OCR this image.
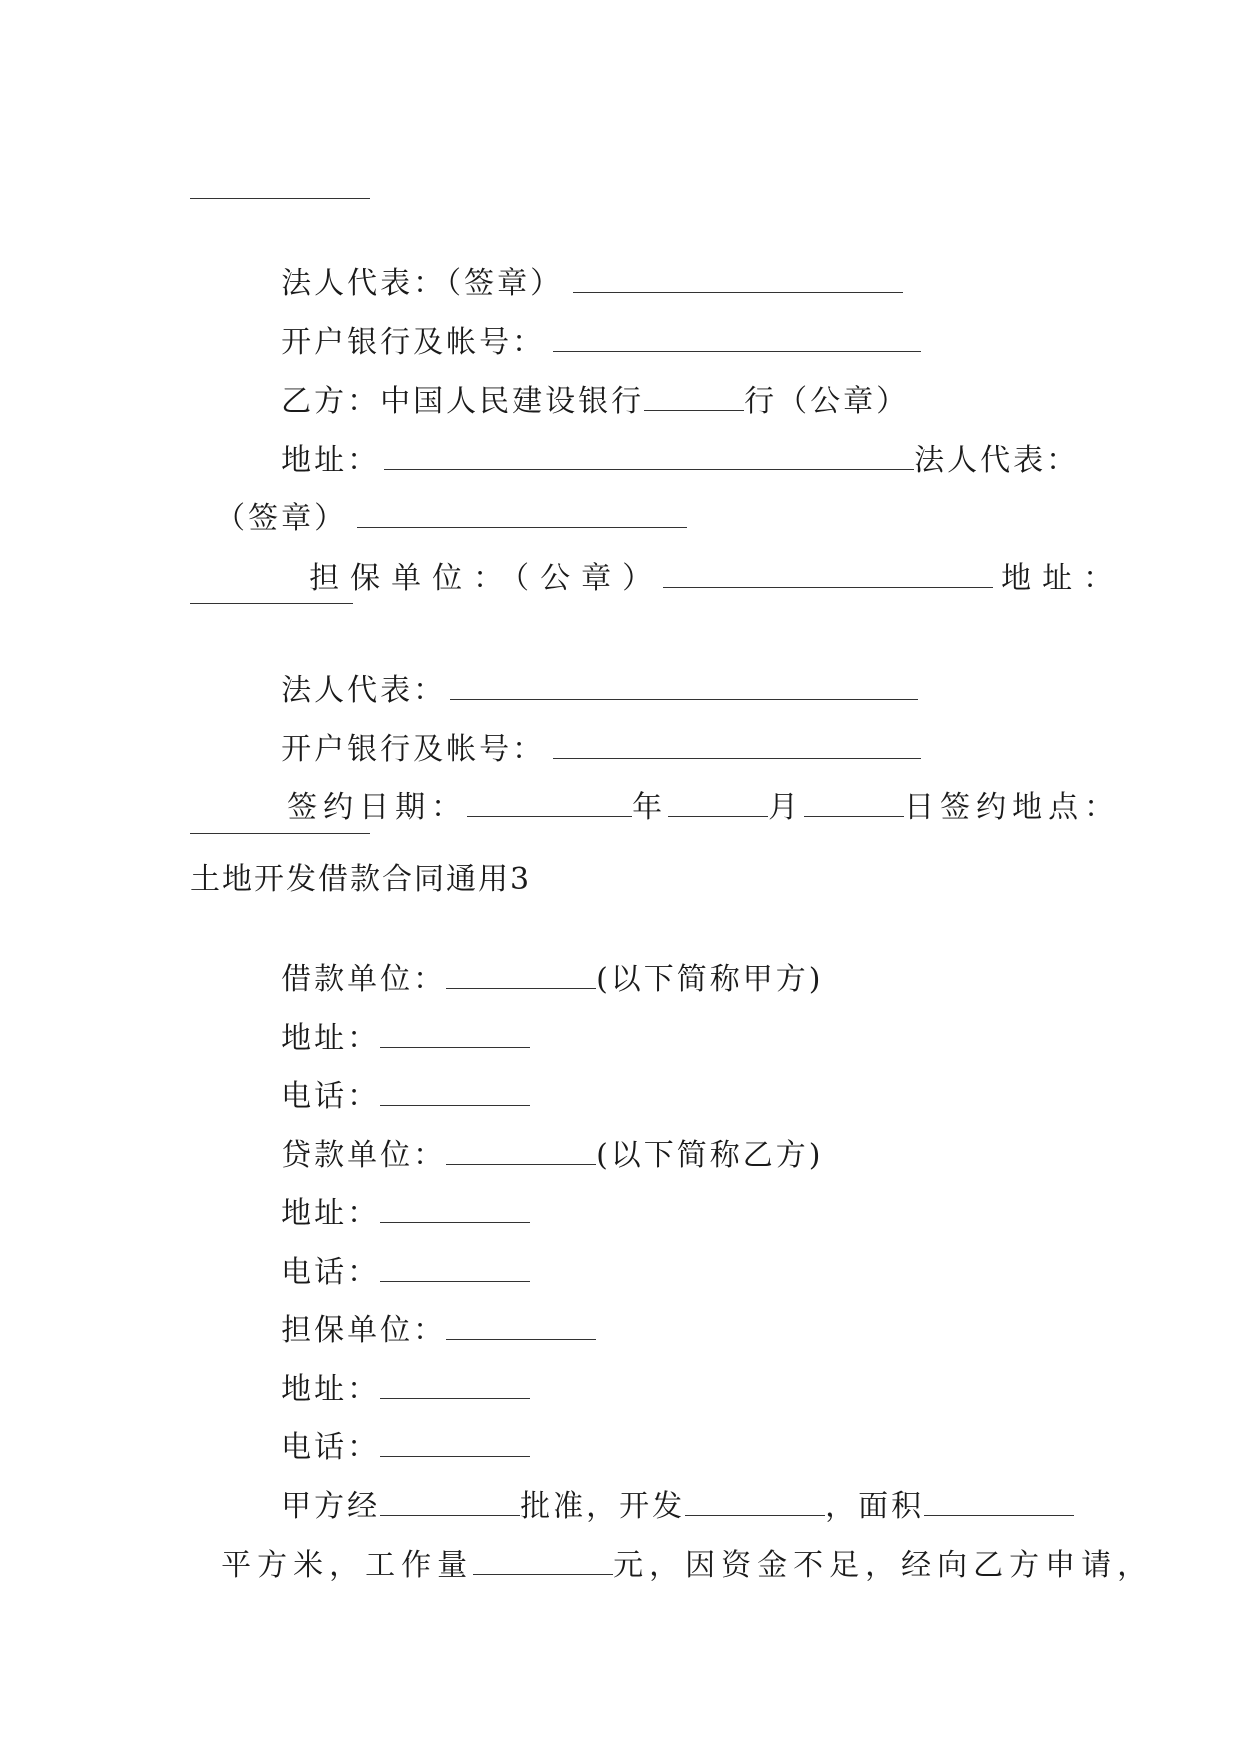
法人代表：（签章）

开户银行及帐号：

乙方：中国人民建设银行	行（公章）

地址：	法人代表：

（签章）

担保单位：（公章）	地址：

法人代表：

开户银行及帐号：

签约日期：	年	月	日签约地点：

土地开发借款合同通用3

借款单位：	(以下简称甲方)

地址：

电话：

贷款单位：	(以下简称乙方)

地址：

电话：

担保单位：

地址：

电话：

甲方经	批准，开发	，面积

平方米，工作量	元，因资金不足，经向乙方申请，
